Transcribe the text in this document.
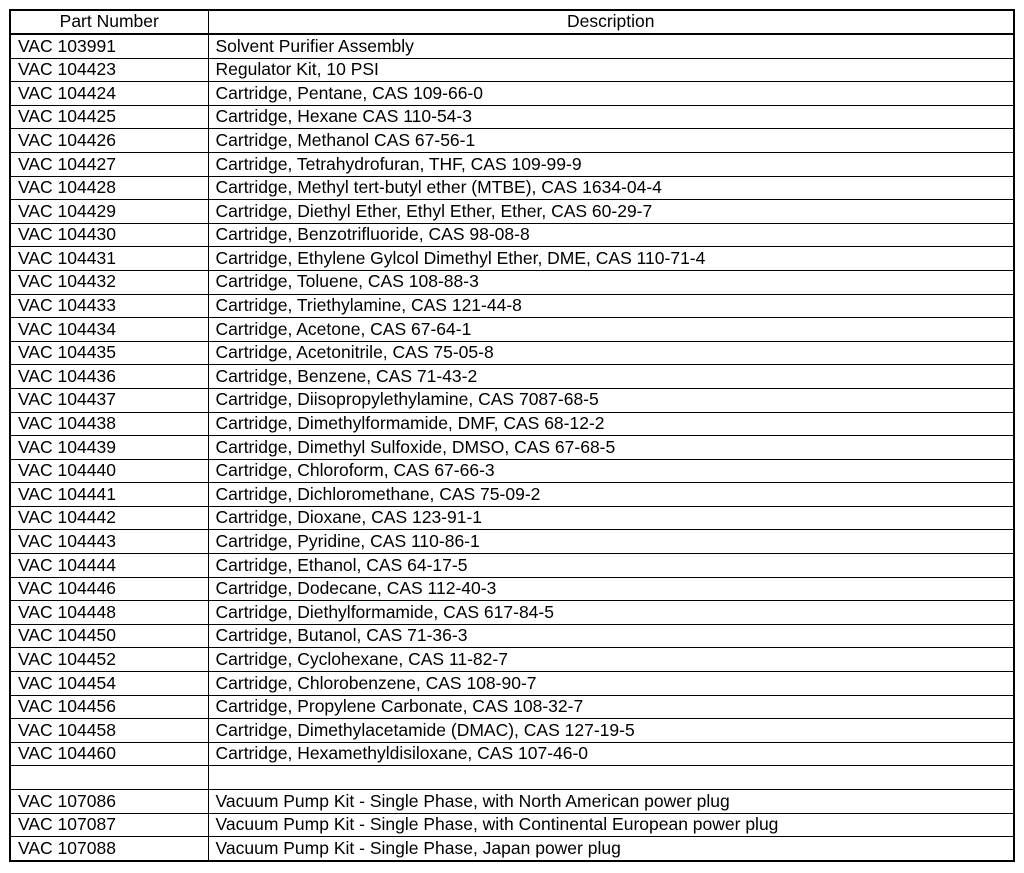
Part Number	Description
VAC 103991	Solvent Purifier Assembly
VAC 104423	Regulator Kit, 10 PSI
VAC 104424	Cartridge, Pentane, CAS 109-66-0
VAC 104425	Cartridge, Hexane CAS 110-54-3
VAC 104426	Cartridge, Methanol CAS 67-56-1
VAC 104427	Cartridge, Tetrahydrofuran, THF, CAS 109-99-9
VAC 104428	Cartridge, Methyl tert-butyl ether (MTBE), CAS 1634-04-4
VAC 104429	Cartridge, Diethyl Ether, Ethyl Ether, Ether, CAS 60-29-7
VAC 104430	Cartridge, Benzotrifluoride, CAS 98-08-8
VAC 104431	Cartridge, Ethylene Gylcol Dimethyl Ether, DME, CAS 110-71-4
VAC 104432	Cartridge, Toluene, CAS 108-88-3
VAC 104433	Cartridge, Triethylamine, CAS 121-44-8
VAC 104434	Cartridge, Acetone, CAS 67-64-1
VAC 104435	Cartridge, Acetonitrile, CAS 75-05-8
VAC 104436	Cartridge, Benzene, CAS 71-43-2
VAC 104437	Cartridge, Diisopropylethylamine, CAS 7087-68-5
VAC 104438	Cartridge, Dimethylformamide, DMF, CAS 68-12-2
VAC 104439	Cartridge, Dimethyl Sulfoxide, DMSO, CAS 67-68-5
VAC 104440	Cartridge, Chloroform, CAS 67-66-3
VAC 104441	Cartridge, Dichloromethane, CAS 75-09-2
VAC 104442	Cartridge, Dioxane, CAS 123-91-1
VAC 104443	Cartridge, Pyridine, CAS 110-86-1
VAC 104444	Cartridge, Ethanol, CAS 64-17-5
VAC 104446	Cartridge, Dodecane, CAS 112-40-3
VAC 104448	Cartridge, Diethylformamide, CAS 617-84-5
VAC 104450	Cartridge, Butanol, CAS 71-36-3
VAC 104452	Cartridge, Cyclohexane, CAS 11-82-7
VAC 104454	Cartridge, Chlorobenzene, CAS 108-90-7
VAC 104456	Cartridge, Propylene Carbonate, CAS 108-32-7
VAC 104458	Cartridge, Dimethylacetamide (DMAC), CAS 127-19-5
VAC 104460	Cartridge, Hexamethyldisiloxane, CAS 107-46-0

VAC 107086	Vacuum Pump Kit - Single Phase, with North American power plug
VAC 107087	Vacuum Pump Kit - Single Phase, with Continental European power plug
VAC 107088	Vacuum Pump Kit - Single Phase, Japan power plug
